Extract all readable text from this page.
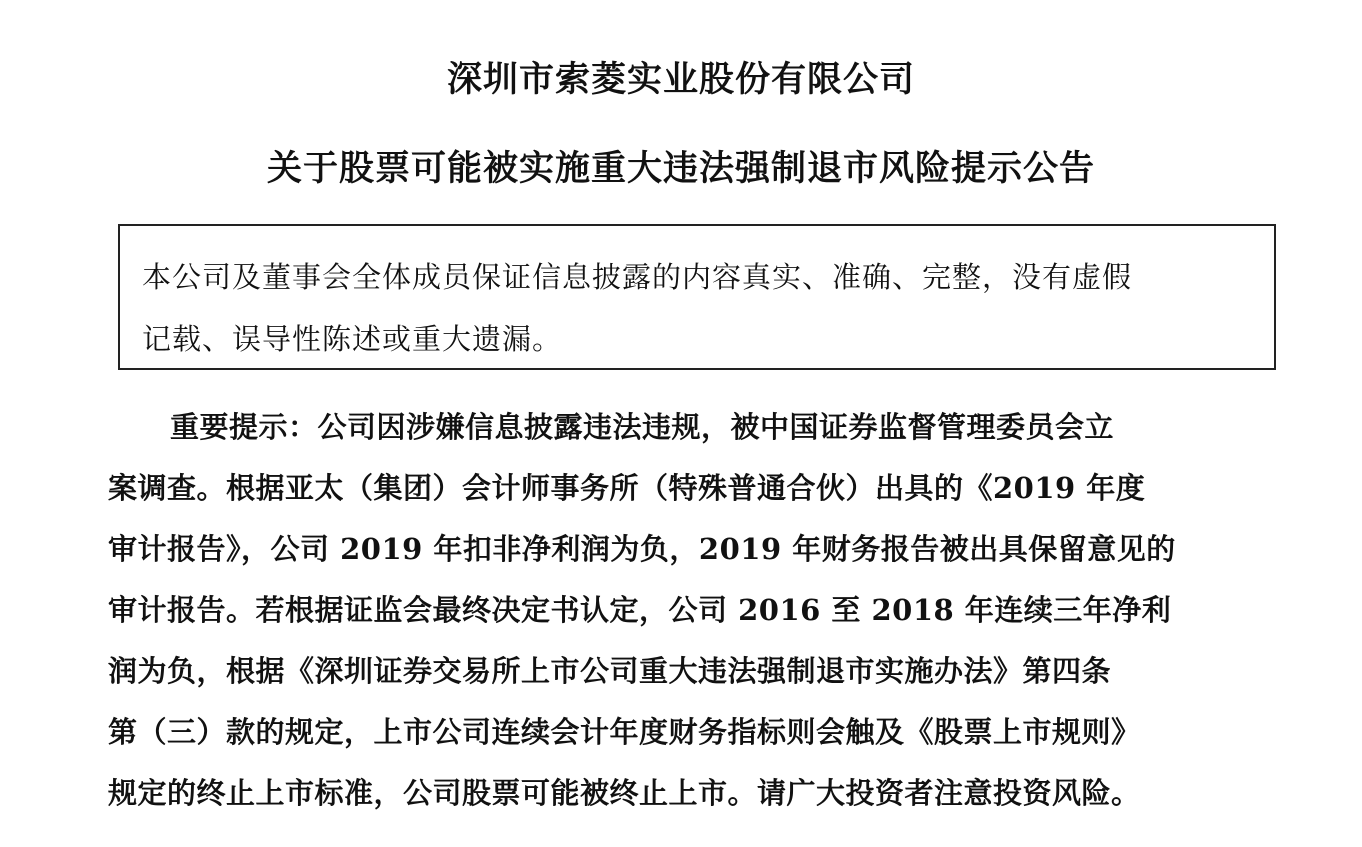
深圳市索菱实业股份有限公司
关于股票可能被实施重大违法强制退市风险提示公告
本公司及董事会全体成员保证信息披露的内容真实、准确、完整，没有虚假
记载、误导性陈述或重大遗漏。
重要提示：公司因涉嫌信息披露违法违规，被中国证券监督管理委员会立
案调查。根据亚太（集团）会计师事务所（特殊普通合伙）出具的《2019 年度
审计报告》，公司 2019 年扣非净利润为负，2019 年财务报告被出具保留意见的
审计报告。若根据证监会最终决定书认定，公司 2016 至 2018 年连续三年净利
润为负，根据《深圳证券交易所上市公司重大违法强制退市实施办法》第四条
第（三）款的规定，上市公司连续会计年度财务指标则会触及《股票上市规则》
规定的终止上市标准，公司股票可能被终止上市。请广大投资者注意投资风险。
